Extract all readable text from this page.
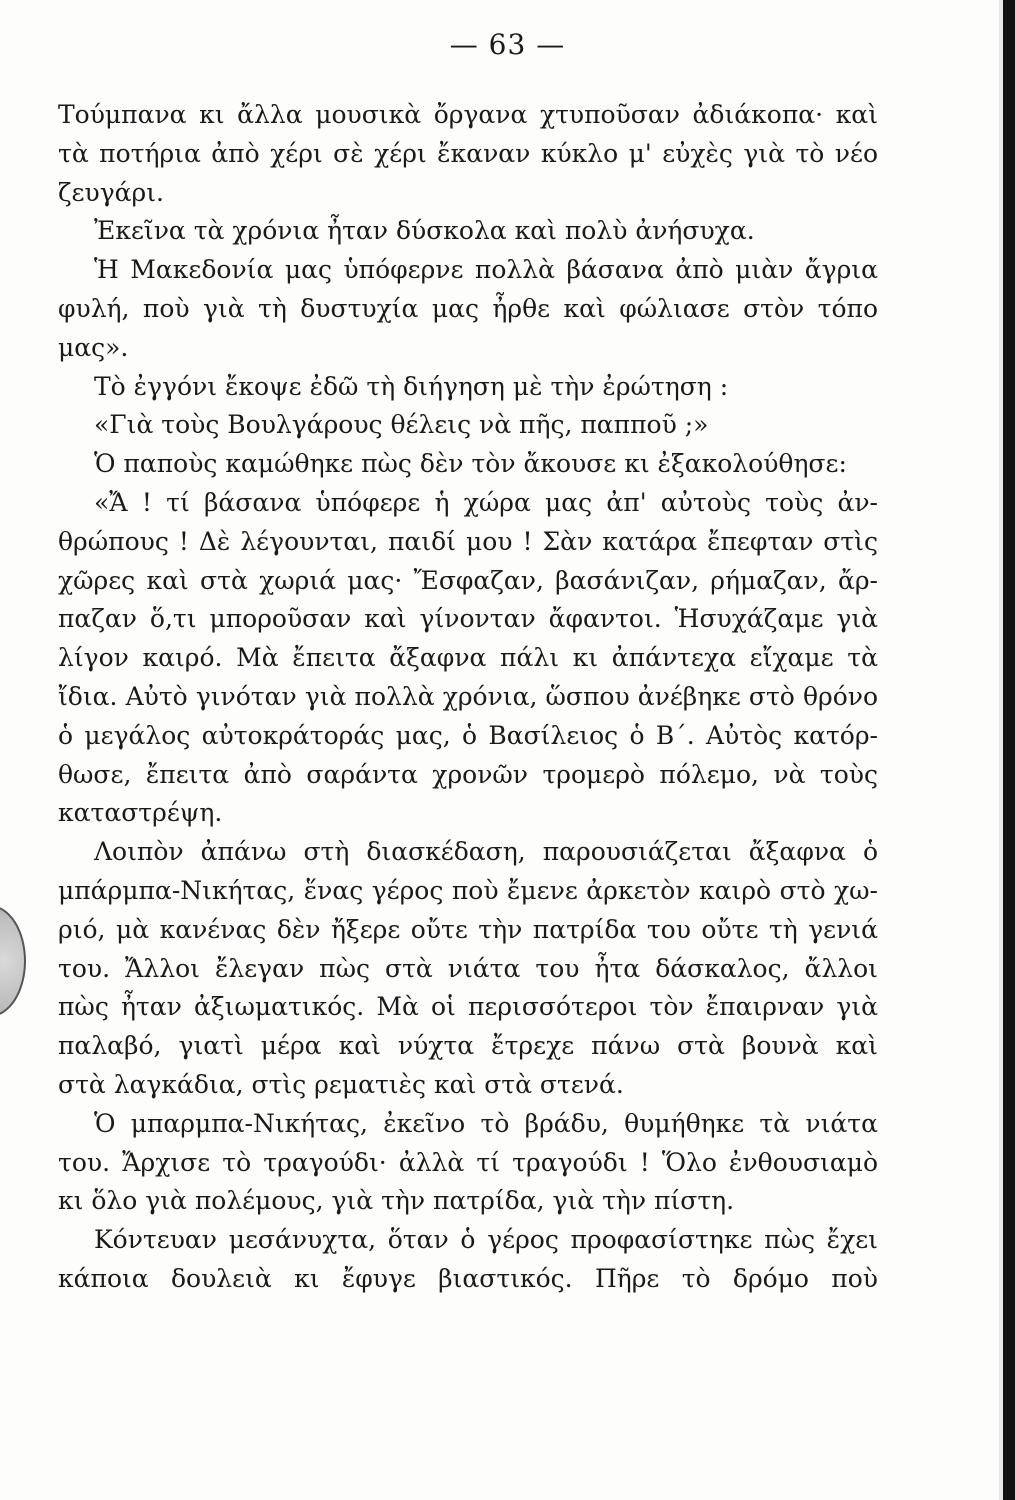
— 63 —
Τούμπανα κι ἄλλα μουσικὰ ὄργανα χτυποῦσαν ἀδιάκοπα· καὶ
τὰ ποτήρια ἀπὸ χέρι σὲ χέρι ἔκαναν κύκλο μ' εὐχὲς γιὰ τὸ νέο
ζευγάρι.
Ἐκεῖνα τὰ χρόνια ἦταν δύσκολα καὶ πολὺ ἀνήσυχα.
Ἡ Μακεδονία μας ὑπόφερνε πολλὰ βάσανα ἀπὸ μιὰν ἄγρια
φυλή, ποὺ γιὰ τὴ δυστυχία μας ἦρθε καὶ φώλιασε στὸν τόπο
μας».
Τὸ ἐγγόνι ἔκοψε ἐδῶ τὴ διήγηση μὲ τὴν ἐρώτηση :
«Γιὰ τοὺς Βουλγάρους θέλεις νὰ πῆς, παπποῦ ;»
Ὁ παποὺς καμώθηκε πὼς δὲν τὸν ἄκουσε κι ἐξακολούθησε:
«Ἄ ! τί βάσανα ὑπόφερε ἡ χώρα μας ἀπ' αὐτοὺς τοὺς ἀν-
θρώπους ! Δὲ λέγουνται, παιδί μου ! Σὰν κατάρα ἔπεφταν στὶς
χῶρες καὶ στὰ χωριά μας· Ἔσφαζαν, βασάνιζαν, ρήμαζαν, ἄρ-
παζαν ὅ,τι μποροῦσαν καὶ γίνονταν ἄφαντοι. Ἡσυχάζαμε γιὰ
λίγον καιρό. Μὰ ἔπειτα ἄξαφνα πάλι κι ἀπάντεχα εἴχαμε τὰ
ἴδια. Αὐτὸ γινόταν γιὰ πολλὰ χρόνια, ὥσπου ἀνέβηκε στὸ θρόνο
ὁ μεγάλος αὐτοκράτοράς μας, ὁ Βασίλειος ὁ Β΄. Αὐτὸς κατόρ-
θωσε, ἔπειτα ἀπὸ σαράντα χρονῶν τρομερὸ πόλεμο, νὰ τοὺς
καταστρέψη.
Λοιπὸν ἀπάνω στὴ διασκέδαση, παρουσιάζεται ἄξαφνα ὁ
μπάρμπα-Νικήτας, ἕνας γέρος ποὺ ἔμενε ἀρκετὸν καιρὸ στὸ χω-
ριό, μὰ κανένας δὲν ἤξερε οὔτε τὴν πατρίδα του οὔτε τὴ γενιά
του. Ἄλλοι ἔλεγαν πὼς στὰ νιάτα του ἦτα δάσκαλος, ἄλλοι
πὼς ἦταν ἀξιωματικός. Μὰ οἱ περισσότεροι τὸν ἔπαιρναν γιὰ
παλαβό, γιατὶ μέρα καὶ νύχτα ἔτρεχε πάνω στὰ βουνὰ καὶ
στὰ λαγκάδια, στὶς ρεματιὲς καὶ στὰ στενά.
Ὁ μπαρμπα-Νικήτας, ἐκεῖνο τὸ βράδυ, θυμήθηκε τὰ νιάτα
του. Ἄρχισε τὸ τραγούδι· ἀλλὰ τί τραγούδι ! Ὅλο ἐνθουσιαμὸ
κι ὅλο γιὰ πολέμους, γιὰ τὴν πατρίδα, γιὰ τὴν πίστη.
Κόντευαν μεσάνυχτα, ὅταν ὁ γέρος προφασίστηκε πὼς ἔχει
κάποια δουλειὰ κι ἔφυγε βιαστικός. Πῆρε τὸ δρόμο ποὺ
